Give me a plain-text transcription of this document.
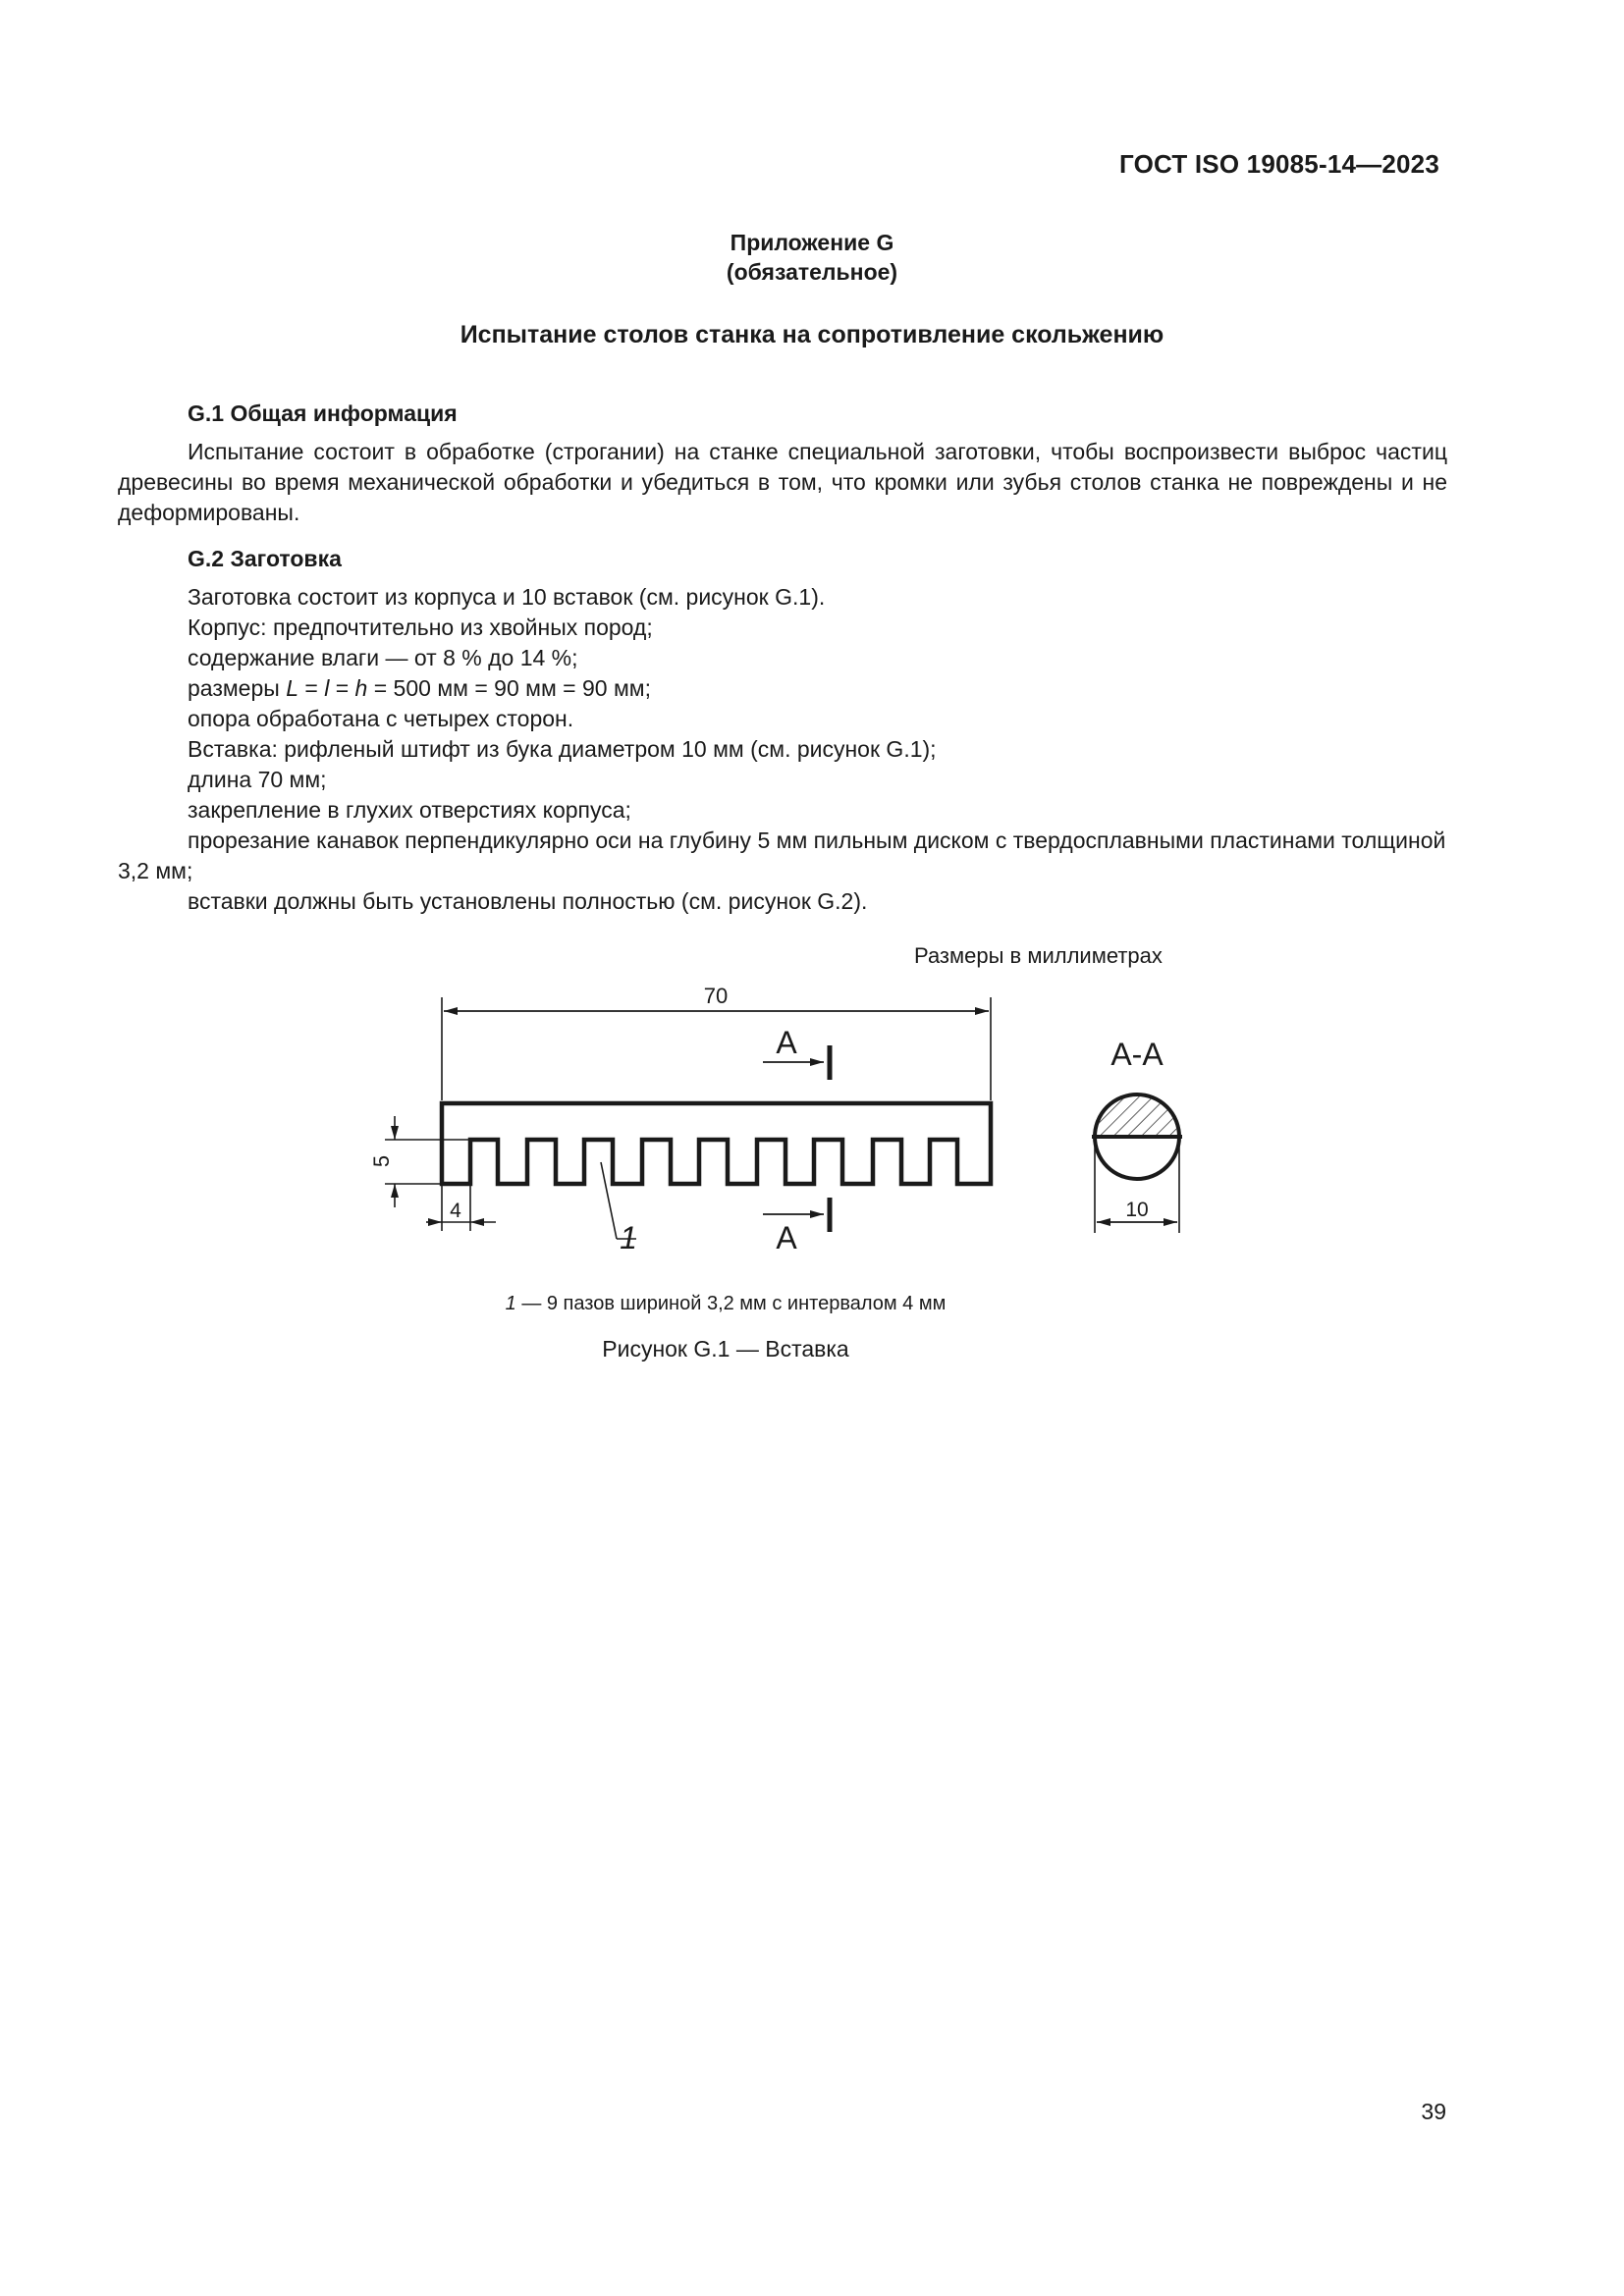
ГОСТ ISO 19085-14—2023
Приложение G
(обязательное)
Испытание столов станка на сопротивление скольжению
G.1 Общая информация

Испытание состоит в обработке (строгании) на станке специальной заготовки, чтобы воспроизвести выброс частиц древесины во время механической обработки и убедиться в том, что кромки или зубья столов станка не повреждены и не деформированы.

G.2 Заготовка

Заготовка состоит из корпуса и 10 вставок (см. рисунок G.1).

Корпус: предпочтительно из хвойных пород;

содержание влаги — от 8 % до 14 %;

размеры L = l = h = 500 мм = 90 мм = 90 мм;

опора обработана с четырех сторон.

Вставка: рифленый штифт из бука диаметром 10 мм (см. рисунок G.1);

длина 70 мм;

закрепление в глухих отверстиях корпуса;

прорезание канавок перпендикулярно оси на глубину 5 мм пильным диском с твердосплавными пластинами толщиной 3,2 мм;

вставки должны быть установлены полностью (см. рисунок G.2).

Размеры в миллиметрах
70
A
A
5
4
1
A-A
10
1 — 9 пазов шириной 3,2 мм с интервалом 4 мм
Рисунок G.1 — Вставка
39
